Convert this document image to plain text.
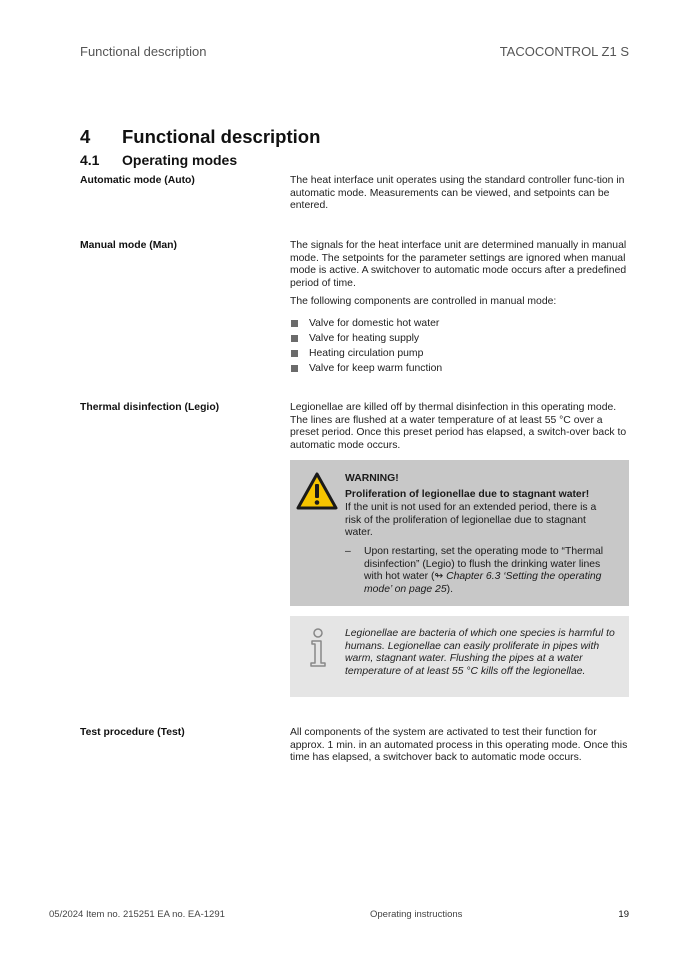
Functional description	TACOCONTROL Z1 S
4 Functional description
4.1 Operating modes
Automatic mode (Auto)	The heat interface unit operates using the standard controller func-tion in automatic mode. Measurements can be viewed, and setpoints can be entered.

Manual mode (Man)	The signals for the heat interface unit are determined manually in manual mode. The setpoints for the parameter settings are ignored when manual mode is active. A switchover to automatic mode occurs after a predefined period of time.

The following components are controlled in manual mode:

Valve for domestic hot water
Valve for heating supply
Heating circulation pump
Valve for keep warm function
Thermal disinfection (Legio)	Legionellae are killed off by thermal disinfection in this operating mode. The lines are flushed at a water temperature of at least 55 °C over a preset period. Once this preset period has elapsed, a switch-over back to automatic mode occurs.

WARNING!

Proliferation of legionellae due to stagnant water!

If the unit is not used for an extended period, there is a risk of the proliferation of legionellae due to stagnant water.

– Upon restarting, set the operating mode to “Thermal disinfection” (Legio) to flush the drinking water lines with hot water (↬ Chapter 6.3 ‘Setting the operating mode’ on page 25).
Legionellae are bacteria of which one species is harmful to humans. Legionellae can easily proliferate in pipes with warm, stagnant water. Flushing the pipes at a water temperature of at least 55 °C kills off the legionellae.
Test procedure (Test)	All components of the system are activated to test their function for approx. 1 min. in an automated process in this operating mode. Once this time has elapsed, a switchover back to automatic mode occurs.

05/2024 Item no. 215251 EA no. EA-1291	Operating instructions	19
